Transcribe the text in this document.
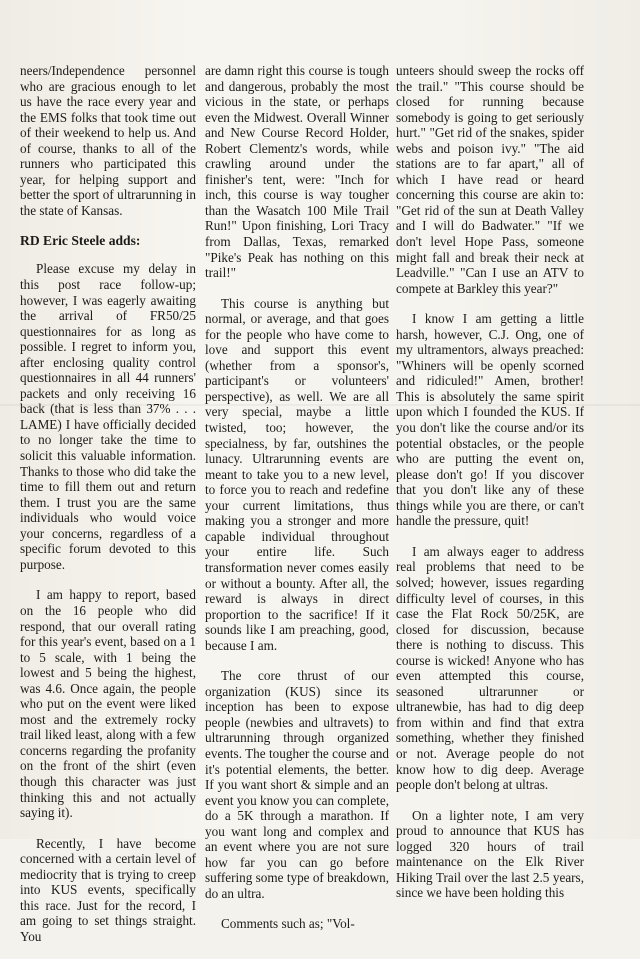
neers/Independence personnel who are gracious enough to let us have the race every year and the EMS folks that took time out of their weekend to help us. And of course, thanks to all of the runners who participated this year, for helping support and better the sport of ultrarunning in the state of Kansas.

RD Eric Steele adds:

Please excuse my delay in this post race follow-up; however, I was eagerly awaiting the arrival of FR50/25 questionnaires for as long as possible. I regret to inform you, after enclosing quality control questionnaires in all 44 runners' packets and only receiving 16 back (that is less than 37% . . . LAME) I have officially decided to no longer take the time to solicit this valuable information. Thanks to those who did take the time to fill them out and return them. I trust you are the same individuals who would voice your concerns, regardless of a specific forum devoted to this purpose.

I am happy to report, based on the 16 people who did respond, that our overall rating for this year's event, based on a 1 to 5 scale, with 1 being the lowest and 5 being the highest, was 4.6. Once again, the people who put on the event were liked most and the extremely rocky trail liked least, along with a few concerns regarding the profanity on the front of the shirt (even though this character was just thinking this and not actually saying it).

Recently, I have become concerned with a certain level of mediocrity that is trying to creep into KUS events, specifically this race. Just for the record, I am going to set things straight. You

are damn right this course is tough and dangerous, probably the most vicious in the state, or perhaps even the Midwest. Overall Winner and New Course Record Holder, Robert Clementz's words, while crawling around under the finisher's tent, were: "Inch for inch, this course is way tougher than the Wasatch 100 Mile Trail Run!" Upon finishing, Lori Tracy from Dallas, Texas, remarked "Pike's Peak has nothing on this trail!"

This course is anything but normal, or average, and that goes for the people who have come to love and support this event (whether from a sponsor's, participant's or volunteers' perspective), as well. We are all very special, maybe a little twisted, too; however, the specialness, by far, outshines the lunacy. Ultrarunning events are meant to take you to a new level, to force you to reach and redefine your current limitations, thus making you a stronger and more capable individual throughout your entire life. Such transformation never comes easily or without a bounty. After all, the reward is always in direct proportion to the sacrifice! If it sounds like I am preaching, good, because I am.

The core thrust of our organization (KUS) since its inception has been to expose people (newbies and ultravets) to ultrarunning through organized events. The tougher the course and it's potential elements, the better. If you want short & simple and an event you know you can complete, do a 5K through a marathon. If you want long and complex and an event where you are not sure how far you can go before suffering some type of breakdown, do an ultra.

Comments such as; "Vol-

unteers should sweep the rocks off the trail." "This course should be closed for running because somebody is going to get seriously hurt." "Get rid of the snakes, spider webs and poison ivy." "The aid stations are to far apart," all of which I have read or heard concerning this course are akin to: "Get rid of the sun at Death Valley and I will do Badwater." "If we don't level Hope Pass, someone might fall and break their neck at Leadville." "Can I use an ATV to compete at Barkley this year?"

I know I am getting a little harsh, however, C.J. Ong, one of my ultramentors, always preached: "Whiners will be openly scorned and ridiculed!" Amen, brother! This is absolutely the same spirit upon which I founded the KUS. If you don't like the course and/or its potential obstacles, or the people who are putting the event on, please don't go! If you discover that you don't like any of these things while you are there, or can't handle the pressure, quit!

I am always eager to address real problems that need to be solved; however, issues regarding difficulty level of courses, in this case the Flat Rock 50/25K, are closed for discussion, because there is nothing to discuss. This course is wicked! Anyone who has even attempted this course, seasoned ultrarunner or ultranewbie, has had to dig deep from within and find that extra something, whether they finished or not. Average people do not know how to dig deep. Average people don't belong at ultras.

On a lighter note, I am very proud to announce that KUS has logged 320 hours of trail maintenance on the Elk River Hiking Trail over the last 2.5 years, since we have been holding this
